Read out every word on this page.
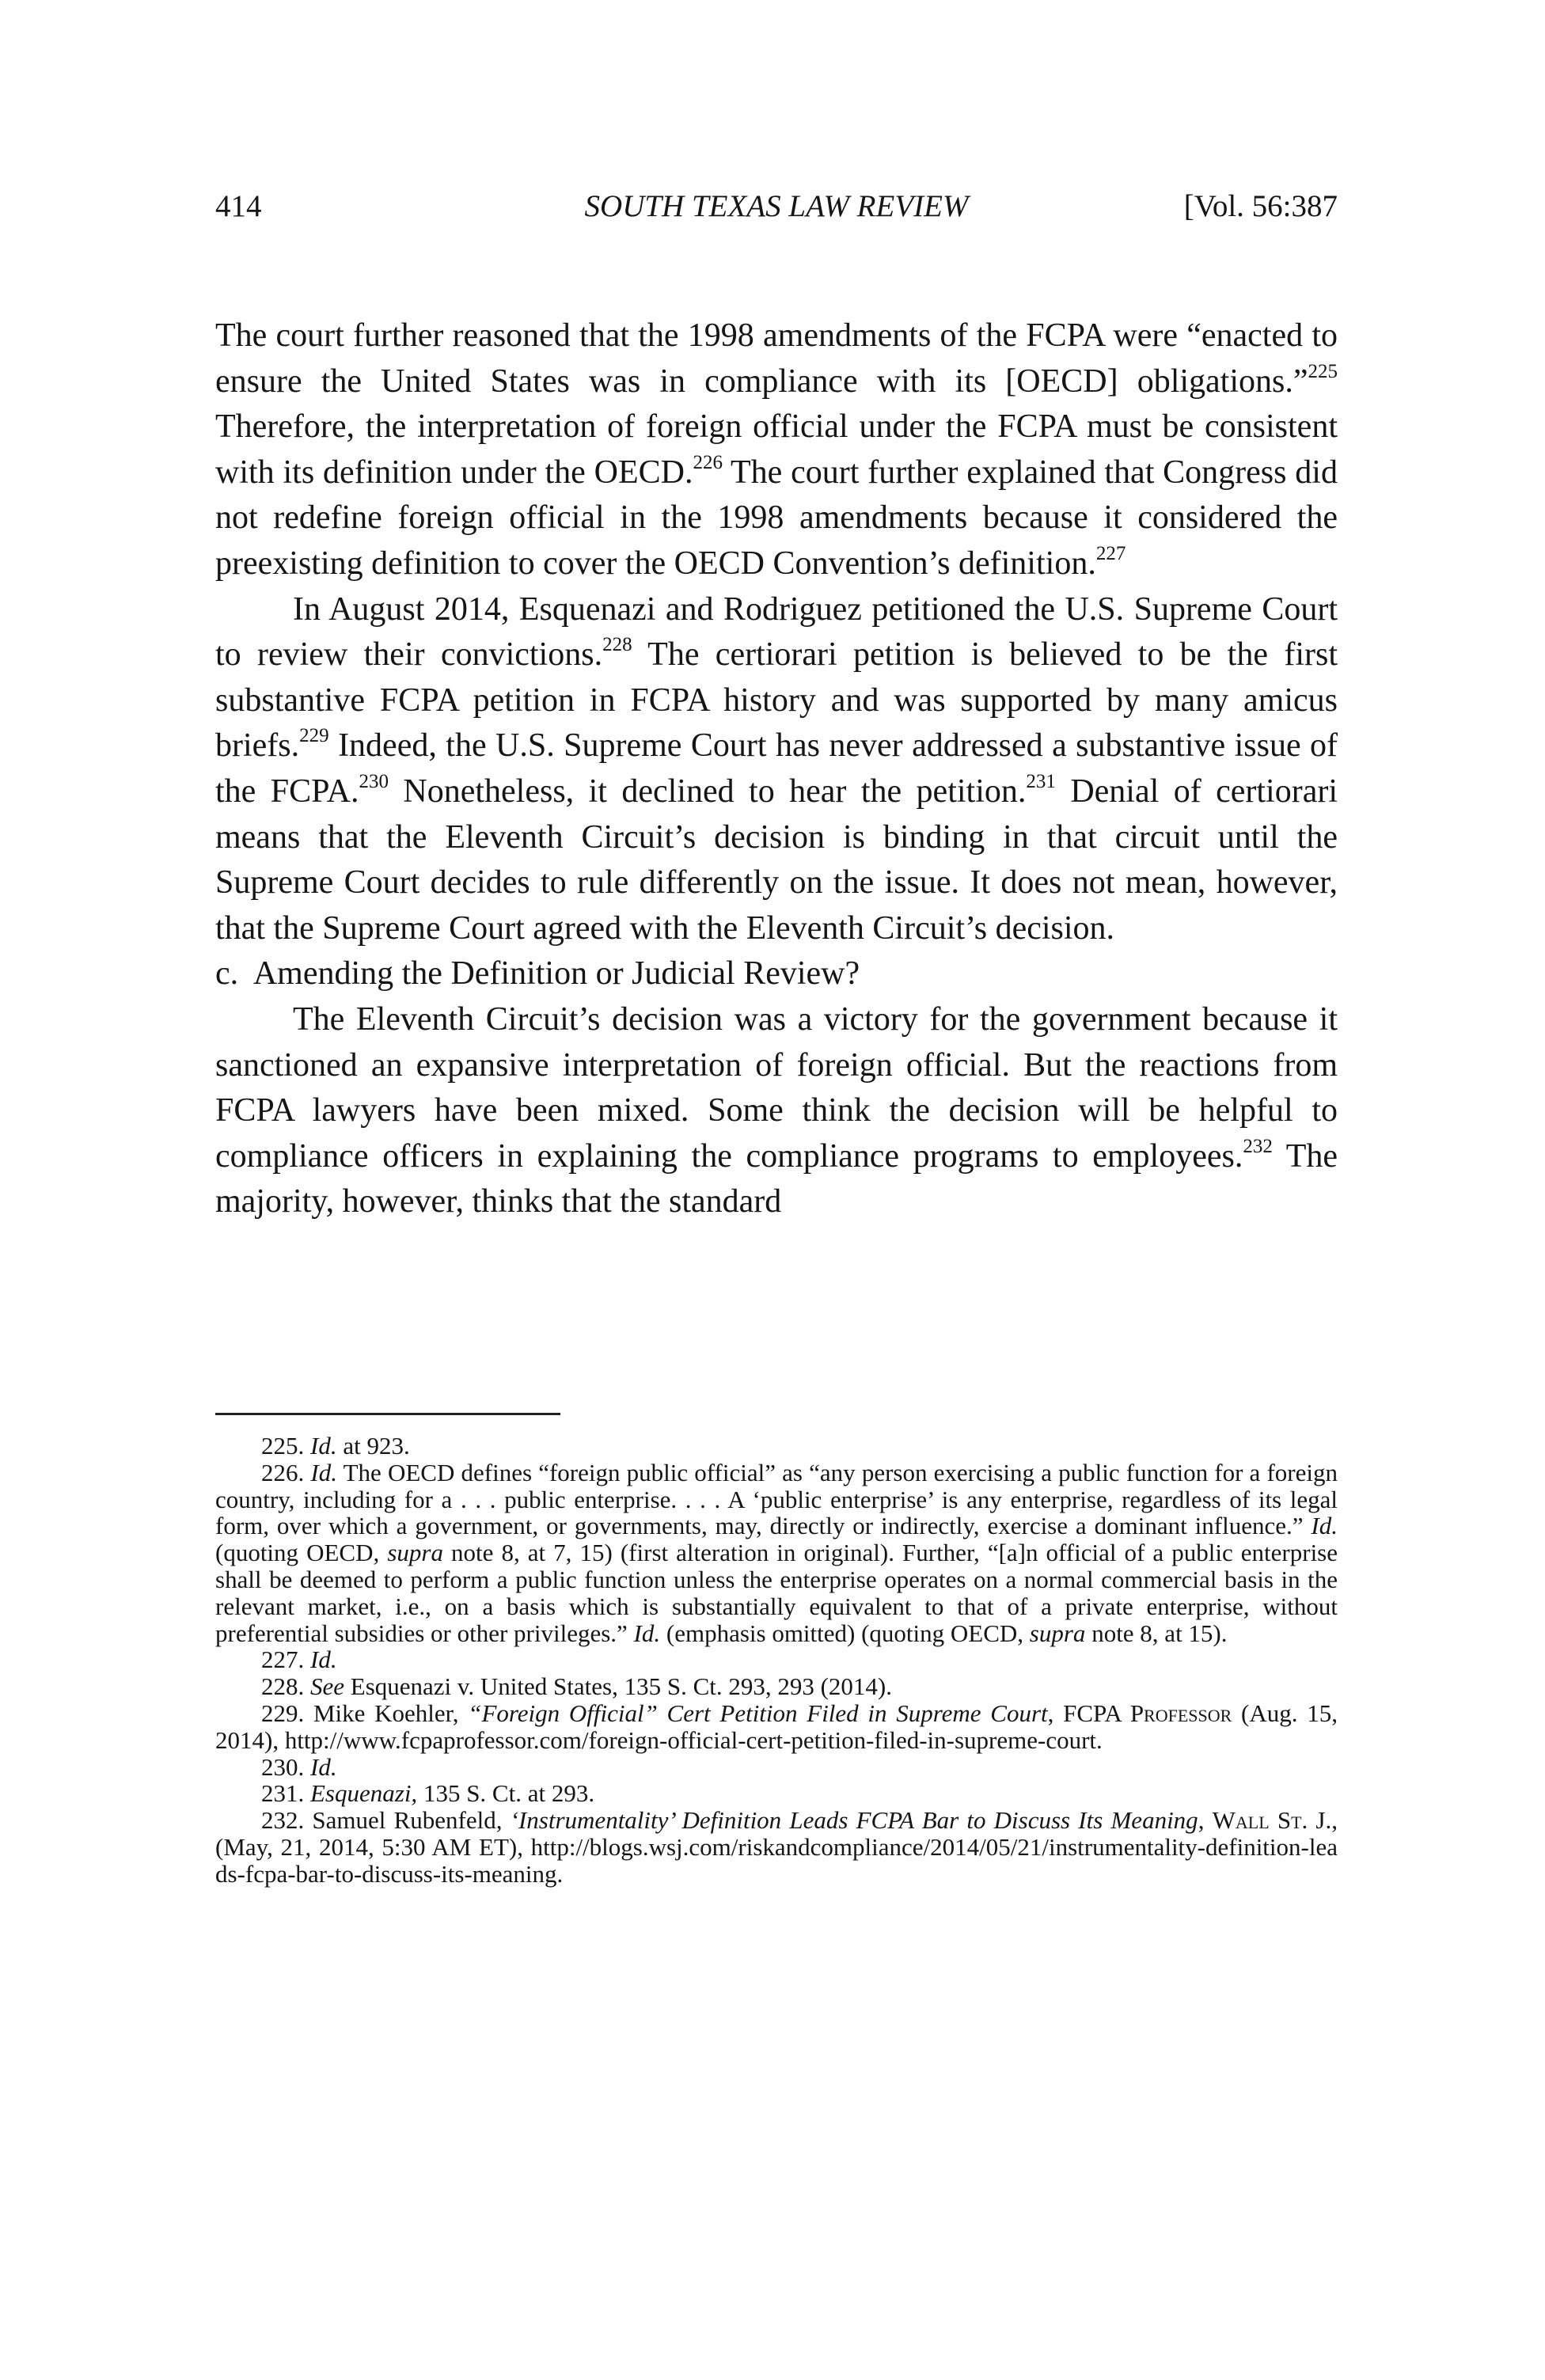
414	SOUTH TEXAS LAW REVIEW	[Vol. 56:387

The court further reasoned that the 1998 amendments of the FCPA were “enacted to ensure the United States was in compliance with its [OECD] obligations.”$^{225}$ Therefore, the interpretation of foreign official under the FCPA must be consistent with its definition under the OECD.$^{226}$ The court further explained that Congress did not redefine foreign official in the 1998 amendments because it considered the preexisting definition to cover the OECD Convention’s definition.$^{227}$

In August 2014, Esquenazi and Rodriguez petitioned the U.S. Supreme Court to review their convictions.$^{228}$ The certiorari petition is believed to be the first substantive FCPA petition in FCPA history and was supported by many amicus briefs.$^{229}$ Indeed, the U.S. Supreme Court has never addressed a substantive issue of the FCPA.$^{230}$ Nonetheless, it declined to hear the petition.$^{231}$ Denial of certiorari means that the Eleventh Circuit’s decision is binding in that circuit until the Supreme Court decides to rule differently on the issue. It does not mean, however, that the Supreme Court agreed with the Eleventh Circuit’s decision.

c.  Amending the Definition or Judicial Review?

The Eleventh Circuit’s decision was a victory for the government because it sanctioned an expansive interpretation of foreign official. But the reactions from FCPA lawyers have been mixed. Some think the decision will be helpful to compliance officers in explaining the compliance programs to employees.$^{232}$ The majority, however, thinks that the standard

225. Id. at 923.

226. Id. The OECD defines “foreign public official” as “any person exercising a public function for a foreign country, including for a . . . public enterprise. . . . A ‘public enterprise’ is any enterprise, regardless of its legal form, over which a government, or governments, may, directly or indirectly, exercise a dominant influence.” Id. (quoting OECD, supra note 8, at 7, 15) (first alteration in original). Further, “[a]n official of a public enterprise shall be deemed to perform a public function unless the enterprise operates on a normal commercial basis in the relevant market, i.e., on a basis which is substantially equivalent to that of a private enterprise, without preferential subsidies or other privileges.” Id. (emphasis omitted) (quoting OECD, supra note 8, at 15).

227. Id.

228. See Esquenazi v. United States, 135 S. Ct. 293, 293 (2014).

229. Mike Koehler, “Foreign Official” Cert Petition Filed in Supreme Court, FCPA Professor (Aug. 15, 2014), http://www.fcpaprofessor.com/foreign-official-cert-petition-filed-in-supreme-court.

230. Id.

231. Esquenazi, 135 S. Ct. at 293.

232. Samuel Rubenfeld, ‘Instrumentality’ Definition Leads FCPA Bar to Discuss Its Meaning, Wall St. J., (May, 21, 2014, 5:30 AM ET), http://blogs.wsj.com/riskandcompliance/2014/05/21/instrumentality-definition-leads-fcpa-bar-to-discuss-its-meaning.
